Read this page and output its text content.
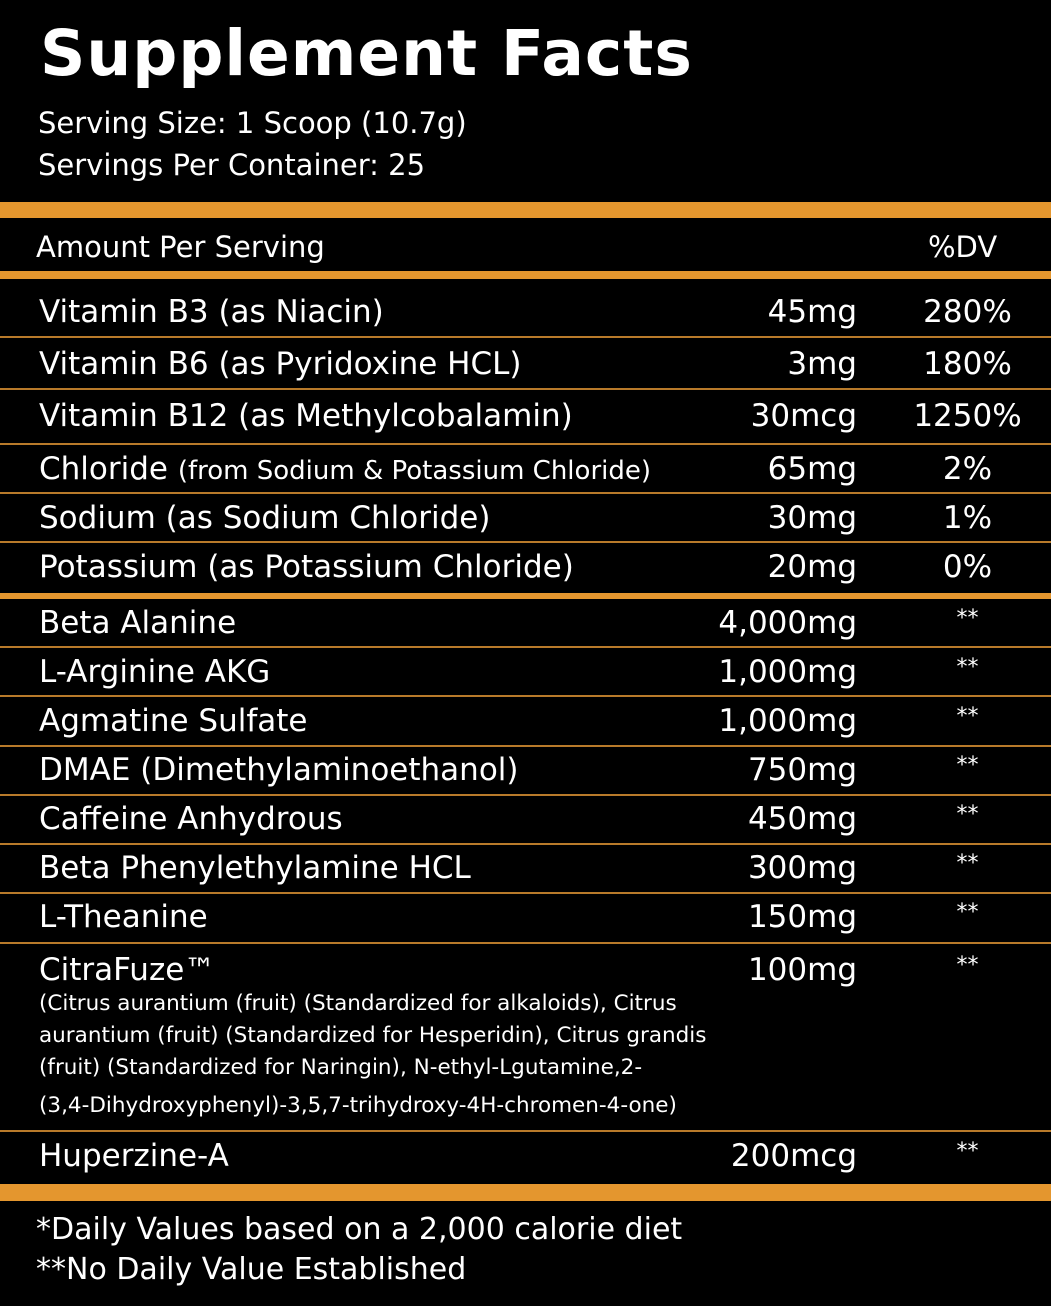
Supplement Facts
Serving Size: 1 Scoop (10.7g)
Servings Per Container: 25
Amount Per Serving	%DV
Vitamin B3 (as Niacin)	45mg	280%
Vitamin B6 (as Pyridoxine HCL)	3mg	180%
Vitamin B12 (as Methylcobalamin)	30mcg	1250%
Chloride (from Sodium & Potassium Chloride)	65mg	2%
Sodium (as Sodium Chloride)	30mg	1%
Potassium (as Potassium Chloride)	20mg	0%
Beta Alanine	4,000mg	**
L-Arginine AKG	1,000mg	**
Agmatine Sulfate	1,000mg	**
DMAE (Dimethylaminoethanol)	750mg	**
Caffeine Anhydrous	450mg	**
Beta Phenylethylamine HCL	300mg	**
L-Theanine	150mg	**
CitraFuze™	100mg	**
(Citrus aurantium (fruit) (Standardized for alkaloids), Citrus
aurantium (fruit) (Standardized for Hesperidin), Citrus grandis
(fruit) (Standardized for Naringin), N-ethyl-Lgutamine,2-
(3,4-Dihydroxyphenyl)-3,5,7-trihydroxy-4H-chromen-4-one)
Huperzine-A	200mcg	**
*Daily Values based on a 2,000 calorie diet
**No Daily Value Established
